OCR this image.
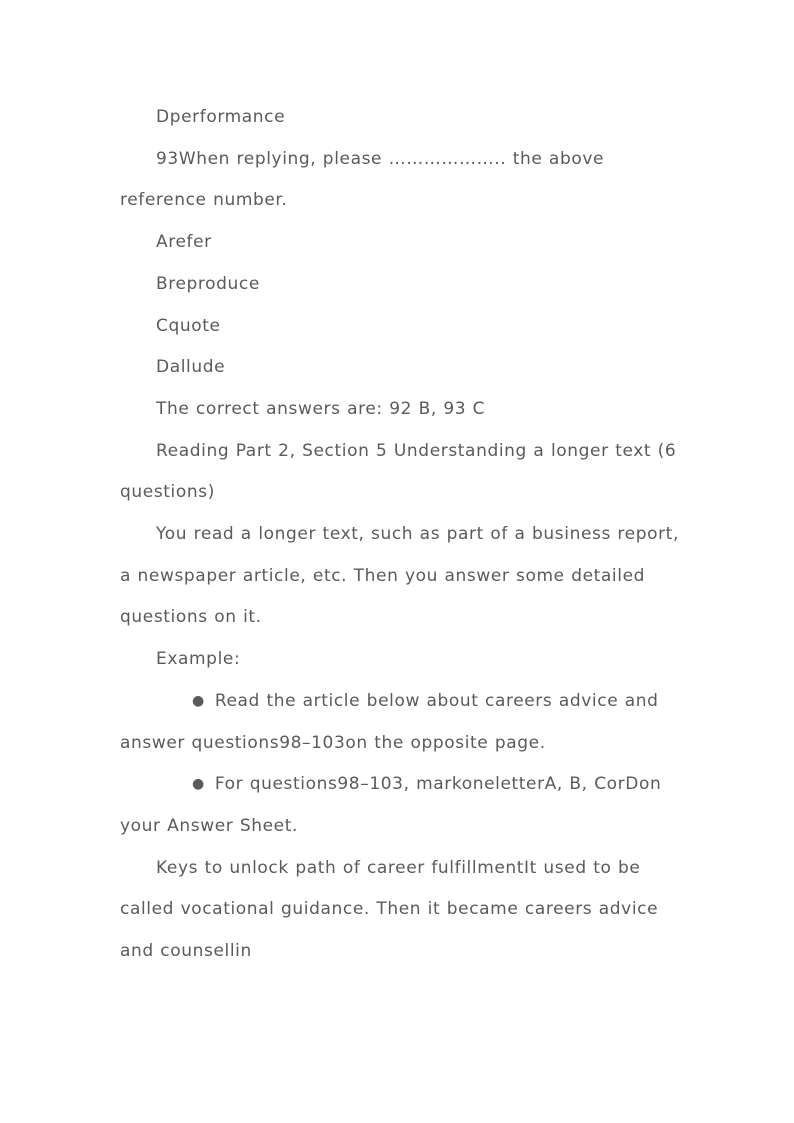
Dperformance

93When replying, please ……………….. the above reference number.

Arefer

Breproduce

Cquote

Dallude

The correct answers are: 92 B, 93 C

Reading Part 2, Section 5 Understanding a longer text (6 questions)

You read a longer text, such as part of a business report, a newspaper article, etc. Then you answer some detailed questions on it.

Example:

● Read the article below about careers advice and answer questions98–103on the opposite page.

● For questions98–103, markoneletterA, B, CorDon your Answer Sheet.

Keys to unlock path of career fulfillmentIt used to be called vocational guidance. Then it became careers advice and counsellin
